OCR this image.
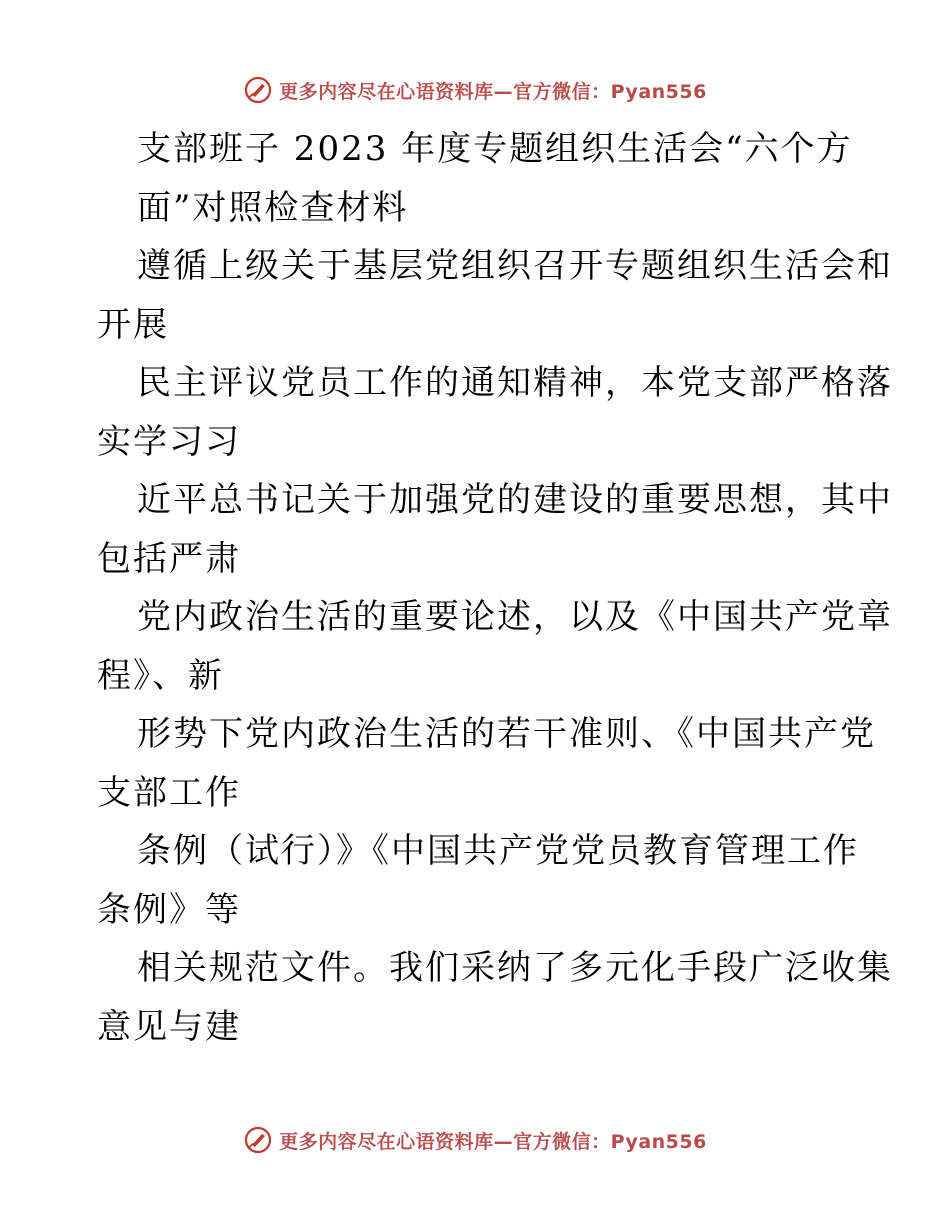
更多内容尽在心语资料库—官方微信：Pyan556
支部班子 2023 年度专题组织生活会“六个方
面”对照检查材料
遵循上级关于基层党组织召开专题组织生活会和
开展
民主评议党员工作的通知精神，本党支部严格落
实学习习
近平总书记关于加强党的建设的重要思想，其中
包括严肃
党内政治生活的重要论述，以及《中国共产党章
程》、新
形势下党内政治生活的若干准则、《中国共产党
支部工作
条例（试行）》《中国共产党党员教育管理工作
条例》等
相关规范文件。我们采纳了多元化手段广泛收集
意见与建
更多内容尽在心语资料库—官方微信：Pyan556
